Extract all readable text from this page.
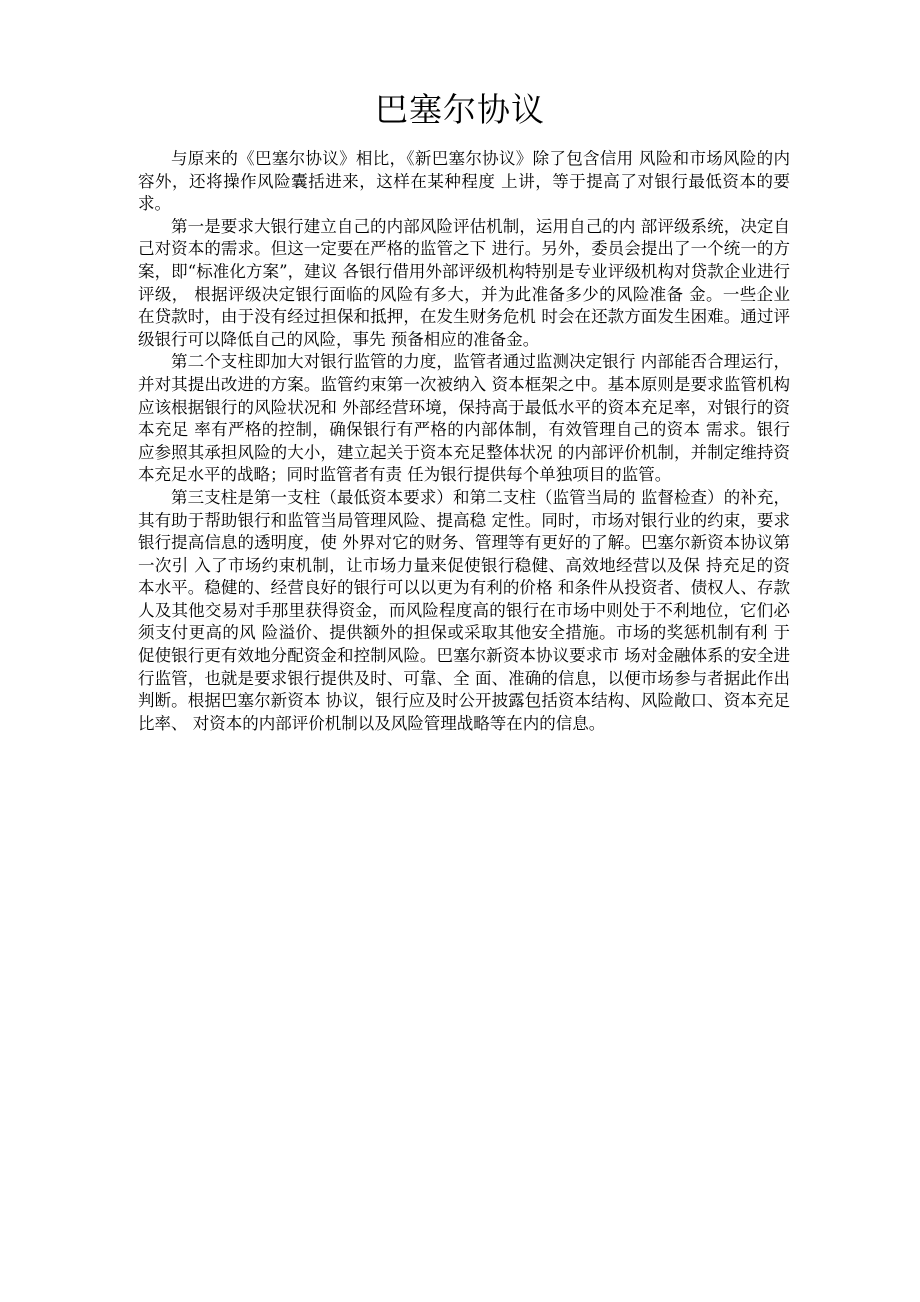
巴塞尔协议

与原来的《巴塞尔协议》相比，《新巴塞尔协议》除了包含信用 风险和市场风险的内容外，还将操作风险囊括进来，这样在某种程度 上讲，等于提高了对银行最低资本的要求。

第一是要求大银行建立自己的内部风险评估机制，运用自己的内 部评级系统，决定自己对资本的需求。但这一定要在严格的监管之下 进行。另外，委员会提出了一个统一的方案，即“标准化方案”，建议 各银行借用外部评级机构特别是专业评级机构对贷款企业进行评级， 根据评级决定银行面临的风险有多大，并为此准备多少的风险准备 金。一些企业在贷款时，由于没有经过担保和抵押，在发生财务危机 时会在还款方面发生困难。通过评级银行可以降低自己的风险，事先 预备相应的准备金。

第二个支柱即加大对银行监管的力度，监管者通过监测决定银行 内部能否合理运行，并对其提出改进的方案。监管约束第一次被纳入 资本框架之中。基本原则是要求监管机构应该根据银行的风险状况和 外部经营环境，保持高于最低水平的资本充足率，对银行的资本充足 率有严格的控制，确保银行有严格的内部体制，有效管理自己的资本 需求。银行应参照其承担风险的大小，建立起关于资本充足整体状况 的内部评价机制，并制定维持资本充足水平的战略；同时监管者有责 任为银行提供每个单独项目的监管。

第三支柱是第一支柱（最低资本要求）和第二支柱（监管当局的 监督检查）的补充，其有助于帮助银行和监管当局管理风险、提高稳 定性。同时，市场对银行业的约束，要求银行提高信息的透明度，使 外界对它的财务、管理等有更好的了解。巴塞尔新资本协议第一次引 入了市场约束机制，让市场力量来促使银行稳健、高效地经营以及保 持充足的资本水平。稳健的、经营良好的银行可以以更为有利的价格 和条件从投资者、债权人、存款人及其他交易对手那里获得资金，而风险程度高的银行在市场中则处于不利地位，它们必须支付更高的风 险溢价、提供额外的担保或采取其他安全措施。市场的奖惩机制有利 于促使银行更有效地分配资金和控制风险。巴塞尔新资本协议要求市 场对金融体系的安全进行监管，也就是要求银行提供及时、可靠、全 面、准确的信息，以便市场参与者据此作出判断。根据巴塞尔新资本 协议，银行应及时公开披露包括资本结构、风险敞口、资本充足比率、 对资本的内部评价机制以及风险管理战略等在内的信息。
